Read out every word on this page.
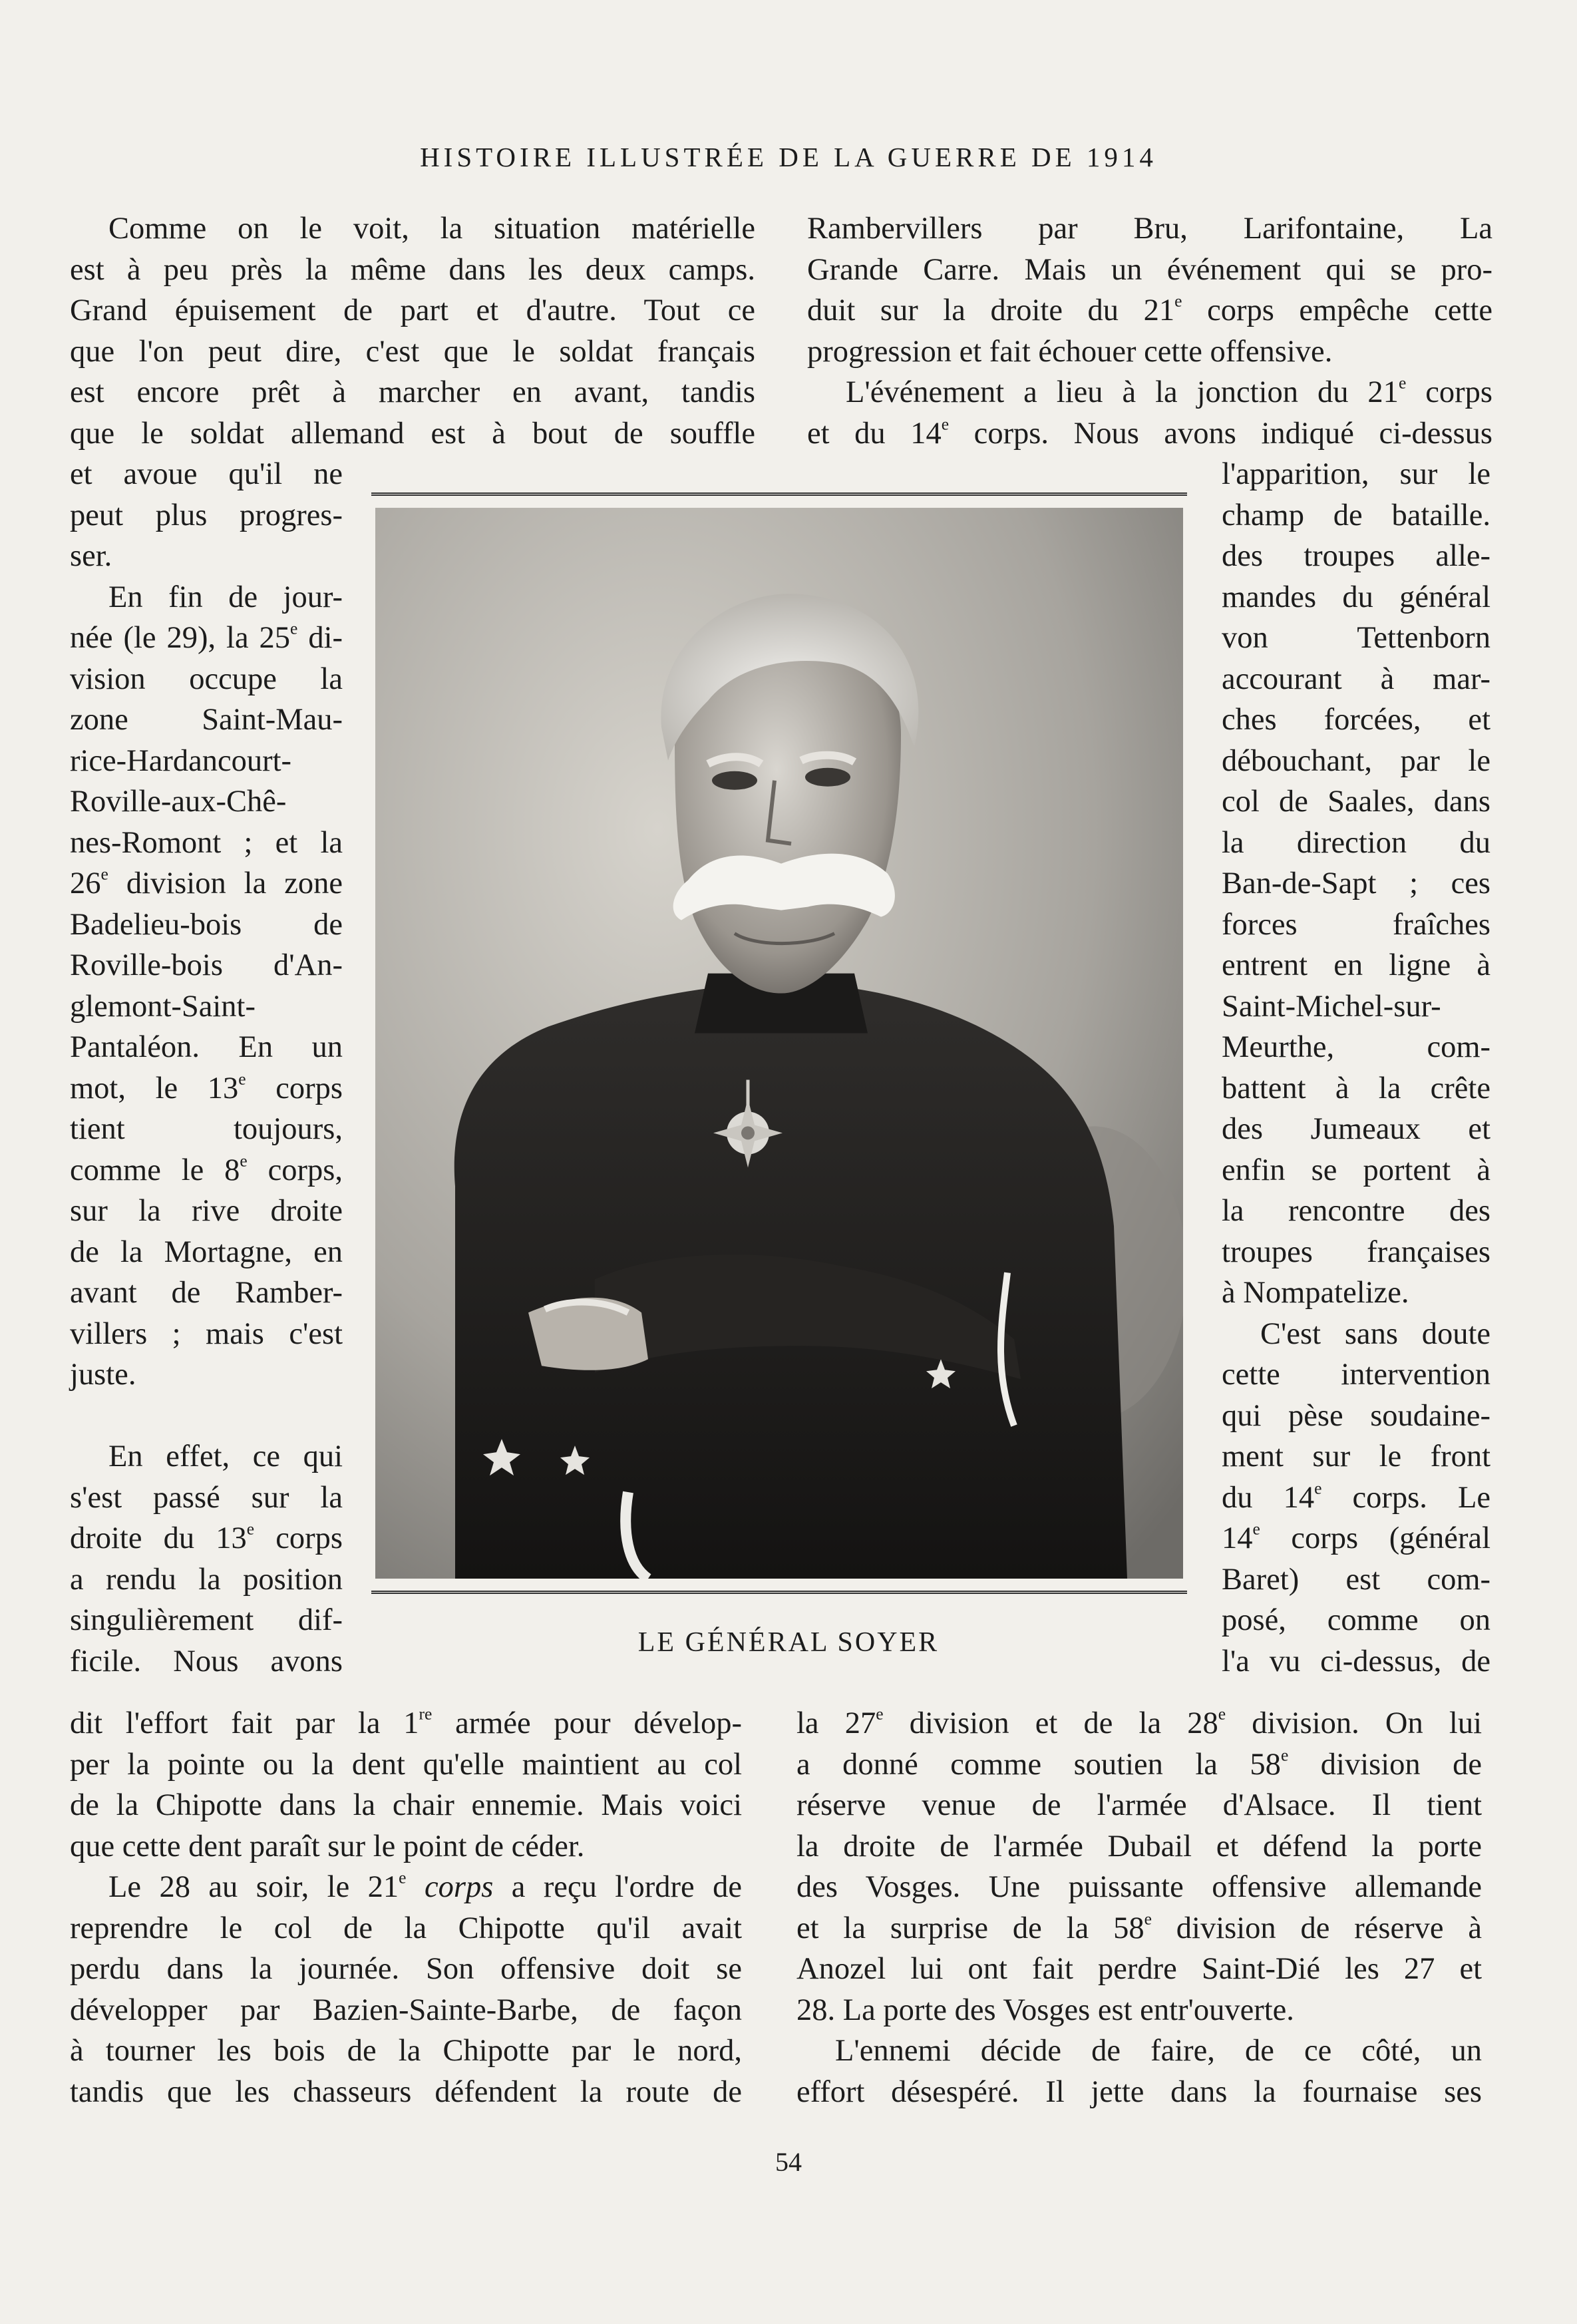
HISTOIRE ILLUSTRÉE DE LA GUERRE DE 1914

Comme on le voit, la situation matérielle
est à peu près la même dans les deux camps.
Grand épuisement de part et d'autre. Tout ce
que l'on peut dire, c'est que le soldat français
est encore prêt à marcher en avant, tandis
que le soldat allemand est à bout de souffle

et avoue qu'il ne
peut plus progres-
ser.
En fin de jour-
née (le 29), la 25e di-
vision occupe la
zone Saint-Mau-
rice-Hardancourt-
Roville-aux-Chê-
nes-Romont ; et la
26e division la zone
Badelieu-bois de
Roville-bois d'An-
glemont-Saint-
Pantaléon. En un
mot, le 13e corps
tient toujours,
comme le 8e corps,
sur la rive droite
de la Mortagne, en
avant de Ramber-
villers ; mais c'est
juste.

En effet, ce qui
s'est passé sur la
droite du 13e corps
a rendu la position
singulièrement dif-
ficile. Nous avons

dit l'effort fait par la 1re armée pour dévelop-
per la pointe ou la dent qu'elle maintient au col
de la Chipotte dans la chair ennemie. Mais voici
que cette dent paraît sur le point de céder.
Le 28 au soir, le 21e corps a reçu l'ordre de
reprendre le col de la Chipotte qu'il avait
perdu dans la journée. Son offensive doit se
développer par Bazien-Sainte-Barbe, de façon
à tourner les bois de la Chipotte par le nord,
tandis que les chasseurs défendent la route de

Rambervillers par Bru, Larifontaine, La
Grande Carre. Mais un événement qui se pro-
duit sur la droite du 21e corps empêche cette
progression et fait échouer cette offensive.
L'événement a lieu à la jonction du 21e corps
et du 14e corps. Nous avons indiqué ci-dessus

l'apparition, sur le
champ de bataille.
des troupes alle-
mandes du général
von Tettenborn
accourant à mar-
ches forcées, et
débouchant, par le
col de Saales, dans
la direction du
Ban-de-Sapt ; ces
forces fraîches
entrent en ligne à
Saint-Michel-sur-
Meurthe, com-
battent à la crête
des Jumeaux et
enfin se portent à
la rencontre des
troupes françaises
à Nompatelize.
C'est sans doute
cette intervention
qui pèse soudaine-
ment sur le front
du 14e corps. Le
14e corps (général
Baret) est com-
posé, comme on
l'a vu ci-dessus, de

la 27e division et de la 28e division. On lui
a donné comme soutien la 58e division de
réserve venue de l'armée d'Alsace. Il tient
la droite de l'armée Dubail et défend la porte
des Vosges. Une puissante offensive allemande
et la surprise de la 58e division de réserve à
Anozel lui ont fait perdre Saint-Dié les 27 et
28. La porte des Vosges est entr'ouverte.
L'ennemi décide de faire, de ce côté, un
effort désespéré. Il jette dans la fournaise ses

LE GÉNÉRAL SOYER
54
